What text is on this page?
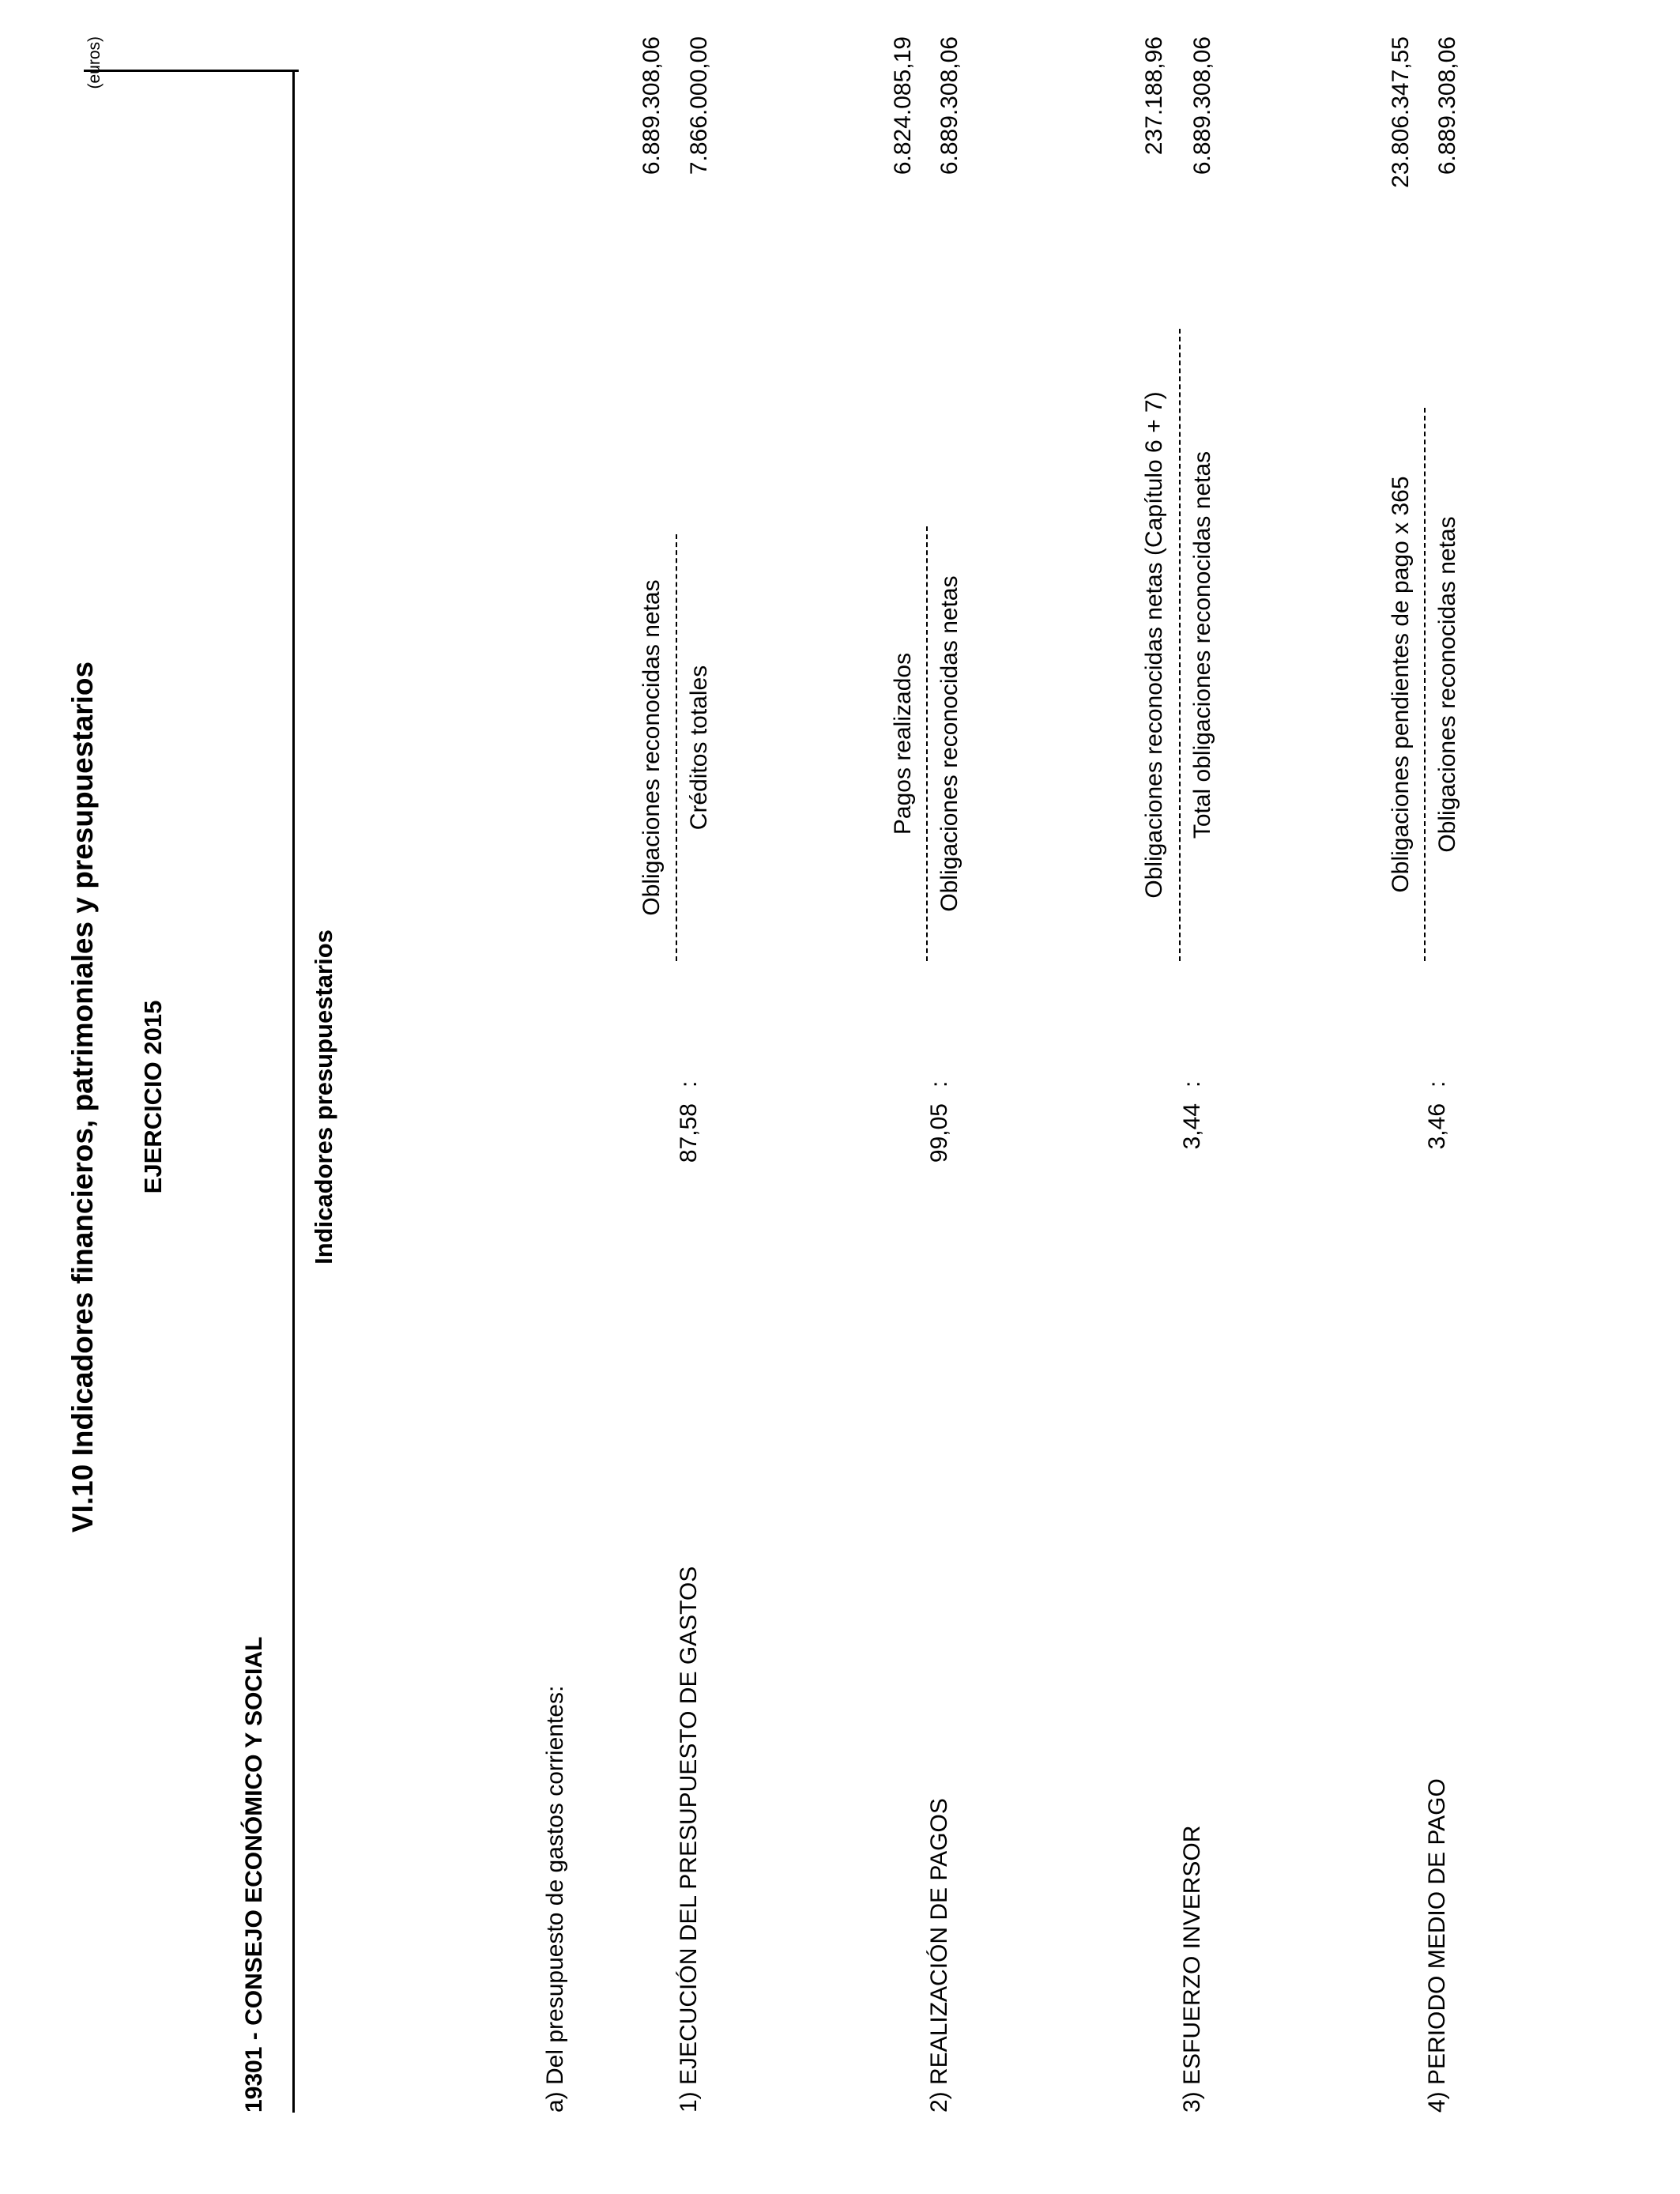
VI.10 Indicadores financieros, patrimoniales y presupuestarios EJERCICIO 2015
19301 - CONSEJO ECONÓMICO Y SOCIAL
Indicadores presupuestarios
(euros)
a) Del presupuesto de gastos corrientes:	1) EJECUCIÓN DEL PRESUPUESTO DE GASTOS
87,58
:
Obligaciones reconocidas netas Créditos totales
6.889.308,06 7.866.000,00
2) REALIZACIÓN DE PAGOS
99,05
:
Pagos realizados Obligaciones reconocidas netas
6.824.085,19 6.889.308,06
3) ESFUERZO INVERSOR
3,44
:
Obligaciones reconocidas netas (Capítulo 6 + 7) Total obligaciones reconocidas netas
237.188,96 6.889.308,06
4) PERIODO MEDIO DE PAGO
3,46
:
Obligaciones pendientes de pago x 365 Obligaciones reconocidas netas
23.806.347,55 6.889.308,06
